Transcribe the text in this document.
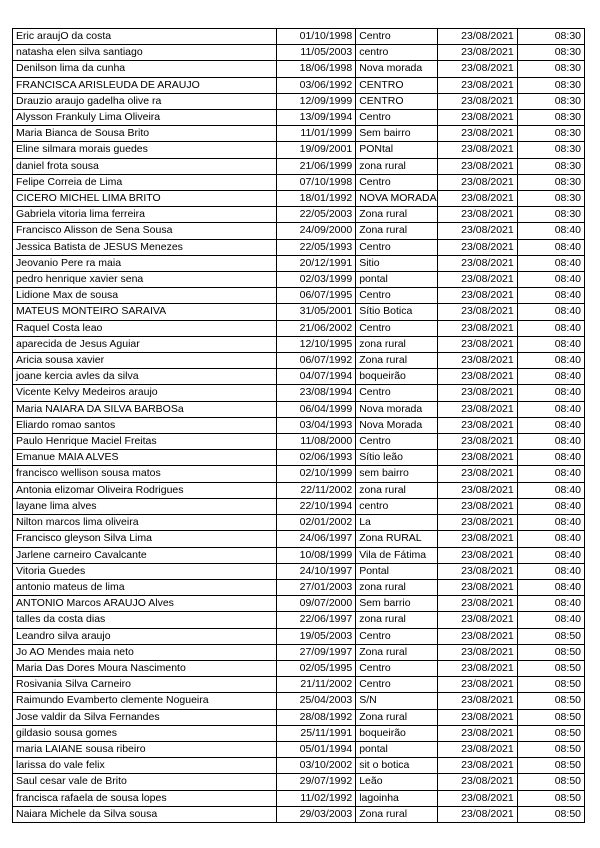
Eric araujO da costa	01/10/1998	Centro	23/08/2021	08:30
natasha elen silva santiago	11/05/2003	centro	23/08/2021	08:30
Denilson lima da cunha	18/06/1998	Nova morada	23/08/2021	08:30
FRANCISCA ARISLEUDA DE ARAUJO	03/06/1992	CENTRO	23/08/2021	08:30
Drauzio araujo gadelha olive ra	12/09/1999	CENTRO	23/08/2021	08:30
Alysson Frankuly Lima Oliveira	13/09/1994	Centro	23/08/2021	08:30
Maria Bianca de Sousa Brito	11/01/1999	Sem bairro	23/08/2021	08:30
Eline silmara morais guedes	19/09/2001	PONtal	23/08/2021	08:30
daniel frota sousa	21/06/1999	zona rural	23/08/2021	08:30
Felipe Correia de Lima	07/10/1998	Centro	23/08/2021	08:30
CICERO MICHEL LIMA BRITO	18/01/1992	NOVA MORADA	23/08/2021	08:30
Gabriela vitoria lima ferreira	22/05/2003	Zona rural	23/08/2021	08:30
Francisco Alisson de Sena Sousa	24/09/2000	Zona rural	23/08/2021	08:40
Jessica Batista de JESUS Menezes	22/05/1993	Centro	23/08/2021	08:40
Jeovanio Pere ra maia	20/12/1991	Sitio	23/08/2021	08:40
pedro henrique xavier sena	02/03/1999	pontal	23/08/2021	08:40
Lidione Max de sousa	06/07/1995	Centro	23/08/2021	08:40
MATEUS MONTEIRO SARAIVA	31/05/2001	Sítio Botica	23/08/2021	08:40
Raquel Costa leao	21/06/2002	Centro	23/08/2021	08:40
aparecida de Jesus Aguiar	12/10/1995	zona rural	23/08/2021	08:40
Aricia sousa xavier	06/07/1992	Zona rural	23/08/2021	08:40
joane kercia avles da silva	04/07/1994	boqueirão	23/08/2021	08:40
Vicente Kelvy Medeiros araujo	23/08/1994	Centro	23/08/2021	08:40
Maria NAIARA DA SILVA BARBOSa	06/04/1999	Nova morada	23/08/2021	08:40
Eliardo romao santos	03/04/1993	Nova Morada	23/08/2021	08:40
Paulo Henrique Maciel Freitas	11/08/2000	Centro	23/08/2021	08:40
Emanue MAIA ALVES	02/06/1993	Sítio leão	23/08/2021	08:40
francisco wellison sousa matos	02/10/1999	sem bairro	23/08/2021	08:40
Antonia elizomar Oliveira Rodrigues	22/11/2002	zona rural	23/08/2021	08:40
layane lima alves	22/10/1994	centro	23/08/2021	08:40
Nilton marcos lima oliveira	02/01/2002	La	23/08/2021	08:40
Francisco gleyson Silva Lima	24/06/1997	Zona RURAL	23/08/2021	08:40
Jarlene carneiro Cavalcante	10/08/1999	Vila de Fátima	23/08/2021	08:40
Vitoria Guedes	24/10/1997	Pontal	23/08/2021	08:40
antonio mateus de lima	27/01/2003	zona rural	23/08/2021	08:40
ANTONIO Marcos ARAUJO Alves	09/07/2000	Sem barrio	23/08/2021	08:40
talles da costa dias	22/06/1997	zona rural	23/08/2021	08:40
Leandro silva araujo	19/05/2003	Centro	23/08/2021	08:50
Jo AO Mendes maia neto	27/09/1997	Zona rural	23/08/2021	08:50
Maria Das Dores Moura Nascimento	02/05/1995	Centro	23/08/2021	08:50
Rosivania Silva Carneiro	21/11/2002	Centro	23/08/2021	08:50
Raimundo Evamberto clemente Nogueira	25/04/2003	S/N	23/08/2021	08:50
Jose valdir da Silva Fernandes	28/08/1992	Zona rural	23/08/2021	08:50
gildasio sousa gomes	25/11/1991	boqueirão	23/08/2021	08:50
maria LAIANE sousa ribeiro	05/01/1994	pontal	23/08/2021	08:50
larissa do vale felix	03/10/2002	sit o botica	23/08/2021	08:50
Saul cesar vale de Brito	29/07/1992	Leão	23/08/2021	08:50
francisca rafaela de sousa lopes	11/02/1992	lagoinha	23/08/2021	08:50
Naiara Michele da Silva sousa	29/03/2003	Zona rural	23/08/2021	08:50
